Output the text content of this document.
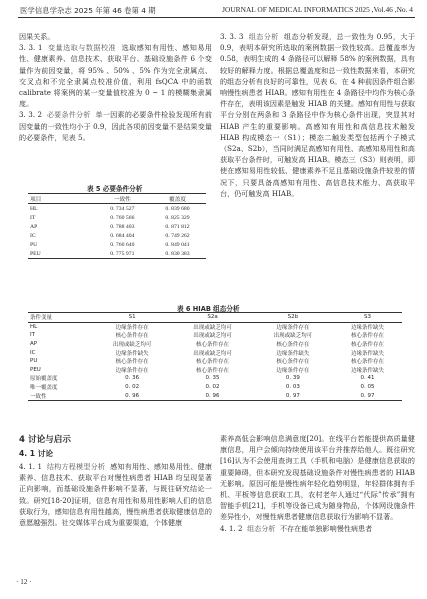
医学信息学杂志 2025 年第 46 卷第 4 期	JOURNAL OF MEDICAL INFORMATICS 2025 ,Vol.46 ,No. 4
因果关系。
3. 3. 1  变量选取与数据校准 选取感知有用性、感知易用性、健康素养、信息技术、获取平台、基础设施条件 6 个变量作为前因变量，将 95% 、50% 、5% 作为完全隶属点、交叉点和不完全隶属点校准价值，利用 fsQCA 中的函数 calibrate 将案例的某一变量值校准为 0 ~ 1 的模糊集隶属度。
3. 3. 2  必要条件分析 单一因素的必要条件检验发现所有前因变量的一致性均小于 0.9，因此各项前因变量不是结果变量的必要条件，见表 5。
表 5 必要条件分析
项目	一致性	覆盖度
HL	0. 734 527	0. 839 680
IT	0. 760 566	0. 825 329
AP	0. 788 403	0. 871 812
IC	0. 684 404	0. 749 262
PU	0. 760 640	0. 849 041
PEU	0. 775 971	0. 830 383
3. 3. 3  组态分析 组态分析发现，总一致性为 0.95，大于 0.9，表明本研究所选取的案例数据一致性较高。总覆盖率为 0.58，表明生成的 4 条路径可以解释 58% 的案例数据，具有较好的解释力度。根据总覆盖度和总一致性数据来看，本研究的组态分析有良好的可靠性，见表 6。在 4 种前因条件组合影响慢性病患者 HIAB。感知有用性在 4 条路径中均作为核心条件存在，表明该因素是触发 HIAB 的关键。感知有用性与获取平台分别在两条和 3 条路径中作为核心条件出现，突显其对 HIAB 产生的重要影响。高感知有用性和高信息技术触发 HIAB 构成模态一（S1）；模态二触发类型包括两个子模式（S2a、S2b），当同时满足高感知有用性、高感知易用性和高获取平台条件时，可触发高 HIAB。模态三（S3）则表明，即使在感知易用性较低、健康素养不足且基础设施条件较差的情况下，只要具备高感知有用性、高信息技术能力、高获取平台，仍可触发高 HIAB。
表 6 HIAB 组态分析
条件变量	S1	S2a	S2b	S3
HL	边缘条件存在	出现或缺乏均可	边缘条件存在	边缘条件缺失
IT	核心条件存在	出现或缺乏均可	出现或缺乏均可	核心条件存在
AP	出现或缺乏均可	核心条件存在	核心条件存在	核心条件存在
IC	边缘条件缺失	出现或缺乏均可	边缘条件缺失	边缘条件缺失
PU	核心条件存在	核心条件存在	核心条件存在	核心条件存在
PEU	边缘条件存在	核心条件存在	边缘条件存在	边缘条件缺失
原始覆盖度	0. 36	0. 35	0. 39	0. 41
唯一覆盖度	0. 02	0. 02	0. 03	0. 05
一致性	0. 96	0. 96	0. 97	0. 97
4 讨论与启示
4. 1 讨论
4. 1. 1  结构方程模型分析 感知有用性、感知易用性、健康素养、信息技术、获取平台对慢性病患者 HIAB 均呈现显著正向影响，而基础设施条件影响不显著，与既往研究结论一致。研究[18-20]证明，信息有用性和易用性影响人们的信息获取行为，感知信息有用性越高，慢性病患者获取健康信息的意愿越强烈。社交媒体平台成为重要渠道，个体健康
素养高低会影响信息满意度[20]。在线平台若能提供高质量健康信息，用户会倾向持续使用该平台并推荐给他人。既往研究[16]认为不会使用查询工具（手机和电脑）是健康信息获取的重要障碍，但本研究发现基础设施条件对慢性病患者的 HIAB 无影响。原因可能是慢性病年轻化趋势明显，年轻群体拥有手机、平板等信息获取工具，农村老年人通过“代际”传承”拥有智能手机[21]，手机等设备已成为随身物品，个体网设施条件差异性小，对慢性病患者健康信息获取行为影响不显著。
4. 1. 2  组态分析 不存在能单独影响慢性病患者
· 12 ·
